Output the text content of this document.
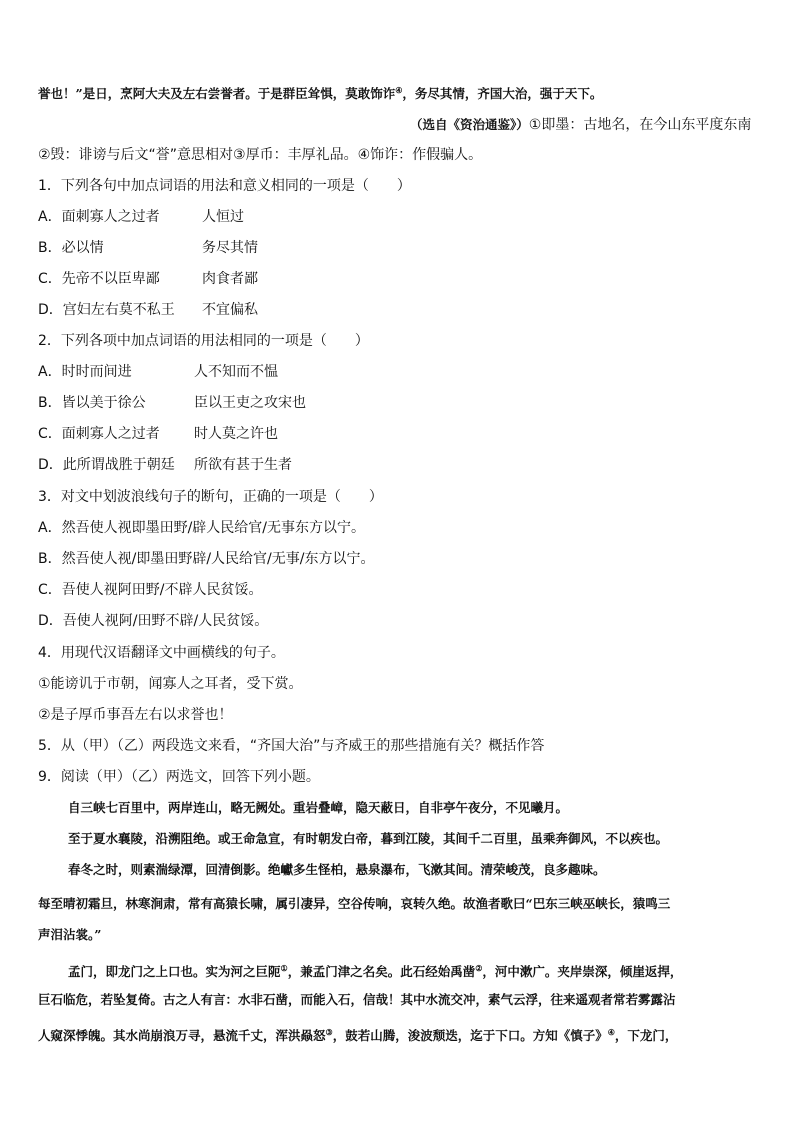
誉也！”是日，烹阿大夫及左右尝誉者。于是群臣耸惧，莫敢饰诈④，务尽其情，齐国大治，强于天下。
（选自《资治通鉴》）①即墨：古地名，在今山东平度东南
②毁：诽谤与后文“誉”意思相对③厚币：丰厚礼品。④饰诈：作假骗人。
1．下列各句中加点词语的用法和意义相同的一项是（　　）
A．面刺寡人之过者	人恒过
B．必以情	务尽其情
C．先帝不以臣卑鄙	肉食者鄙
D．宫妇左右莫不私王 不宜偏私
2．下列各项中加点词语的用法相同的一项是（　　）
A．时时而间进	人不知而不愠
B．皆以美于徐公	臣以王吏之攻宋也
C．面刺寡人之过者 时人莫之许也
D．此所谓战胜于朝廷 所欲有甚于生者
3．对文中划波浪线句子的断句，正确的一项是（　　）
A．然吾使人视即墨田野/辟人民给官/无事东方以宁。
B．然吾使人视/即墨田野辟/人民给官/无事/东方以宁。
C．吾使人视阿田野/不辟人民贫馁。
D．吾使人视阿/田野不辟/人民贫馁。
4．用现代汉语翻译文中画横线的句子。
①能谤讥于市朝，闻寡人之耳者，受下赏。
②是子厚币事吾左右以求誉也！
5．从（甲）（乙）两段选文来看，“齐国大治”与齐威王的那些措施有关？概括作答
9．阅读（甲）（乙）两选文，回答下列小题。
自三峡七百里中，两岸连山，略无阙处。重岩叠嶂，隐天蔽日，自非亭午夜分，不见曦月。
至于夏水襄陵，沿溯阻绝。或王命急宣，有时朝发白帝，暮到江陵，其间千二百里，虽乘奔御风，不以疾也。
春冬之时，则素湍绿潭，回清倒影。绝巘多生怪柏，悬泉瀑布，飞漱其间。清荣峻茂，良多趣味。
每至晴初霜旦，林寒涧肃，常有高猿长啸，属引凄异，空谷传响，哀转久绝。故渔者歌曰“巴东三峡巫峡长，猿鸣三
声泪沾裳。”
孟门，即龙门之上口也。实为河之巨阨①，兼孟门津之名矣。此石经始禹凿②，河中漱广。夹岸崇深，倾崖返捍，
巨石临危，若坠复倚。古之人有言：水非石凿，而能入石，信哉！其中水流交冲，素气云浮，往来遥观者常若雾露沾
人窥深悸魄。其水尚崩浪万寻，悬流千丈，浑洪赑怒③，鼓若山腾，浚波颓迭，迄于下口。方知《慎子》④，下龙门，
